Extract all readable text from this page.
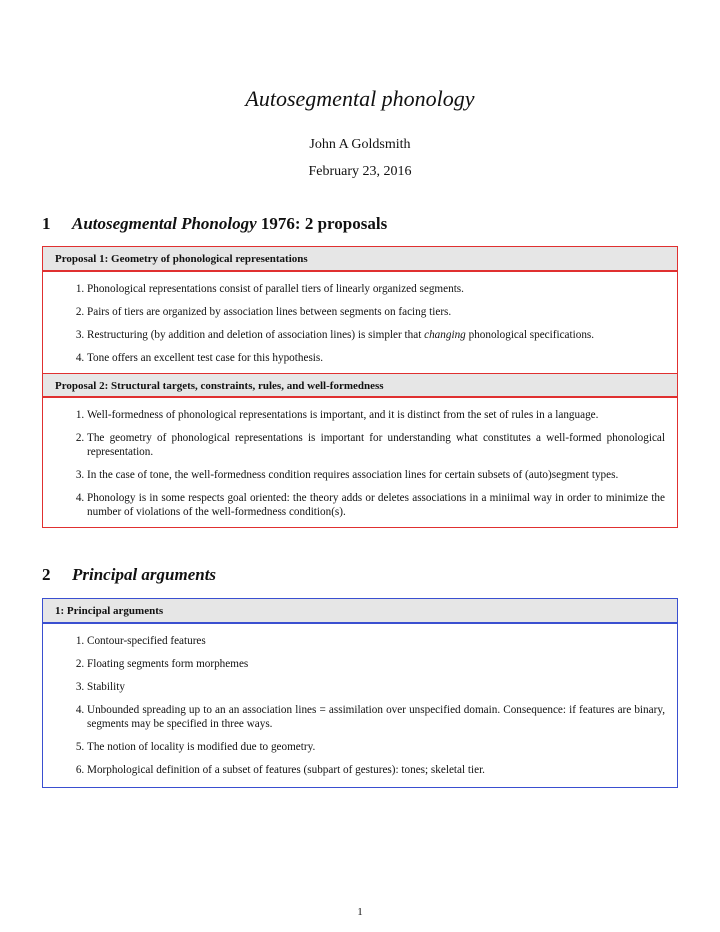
Autosegmental phonology
John A Goldsmith
February 23, 2016
1 Autosegmental Phonology 1976: 2 proposals
Proposal 1: Geometry of phonological representations
1. Phonological representations consist of parallel tiers of linearly organized segments.
2. Pairs of tiers are organized by association lines between segments on facing tiers.
3. Restructuring (by addition and deletion of association lines) is simpler that changing phonological specifications.
4. Tone offers an excellent test case for this hypothesis.
Proposal 2: Structural targets, constraints, rules, and well-formedness
1. Well-formedness of phonological representations is important, and it is distinct from the set of rules in a language.
2. The geometry of phonological representations is important for understanding what constitutes a well-formed phonological representation.
3. In the case of tone, the well-formedness condition requires association lines for certain subsets of (auto)segment types.
4. Phonology is in some respects goal oriented: the theory adds or deletes associations in a miniimal way in order to minimize the number of violations of the well-formedness condition(s).
2 Principal arguments
1: Principal arguments
1. Contour-specified features
2. Floating segments form morphemes
3. Stability
4. Unbounded spreading up to an an association lines = assimilation over unspecified domain. Consequence: if features are binary, segments may be specified in three ways.
5. The notion of locality is modified due to geometry.
6. Morphological definition of a subset of features (subpart of gestures): tones; skeletal tier.
1
